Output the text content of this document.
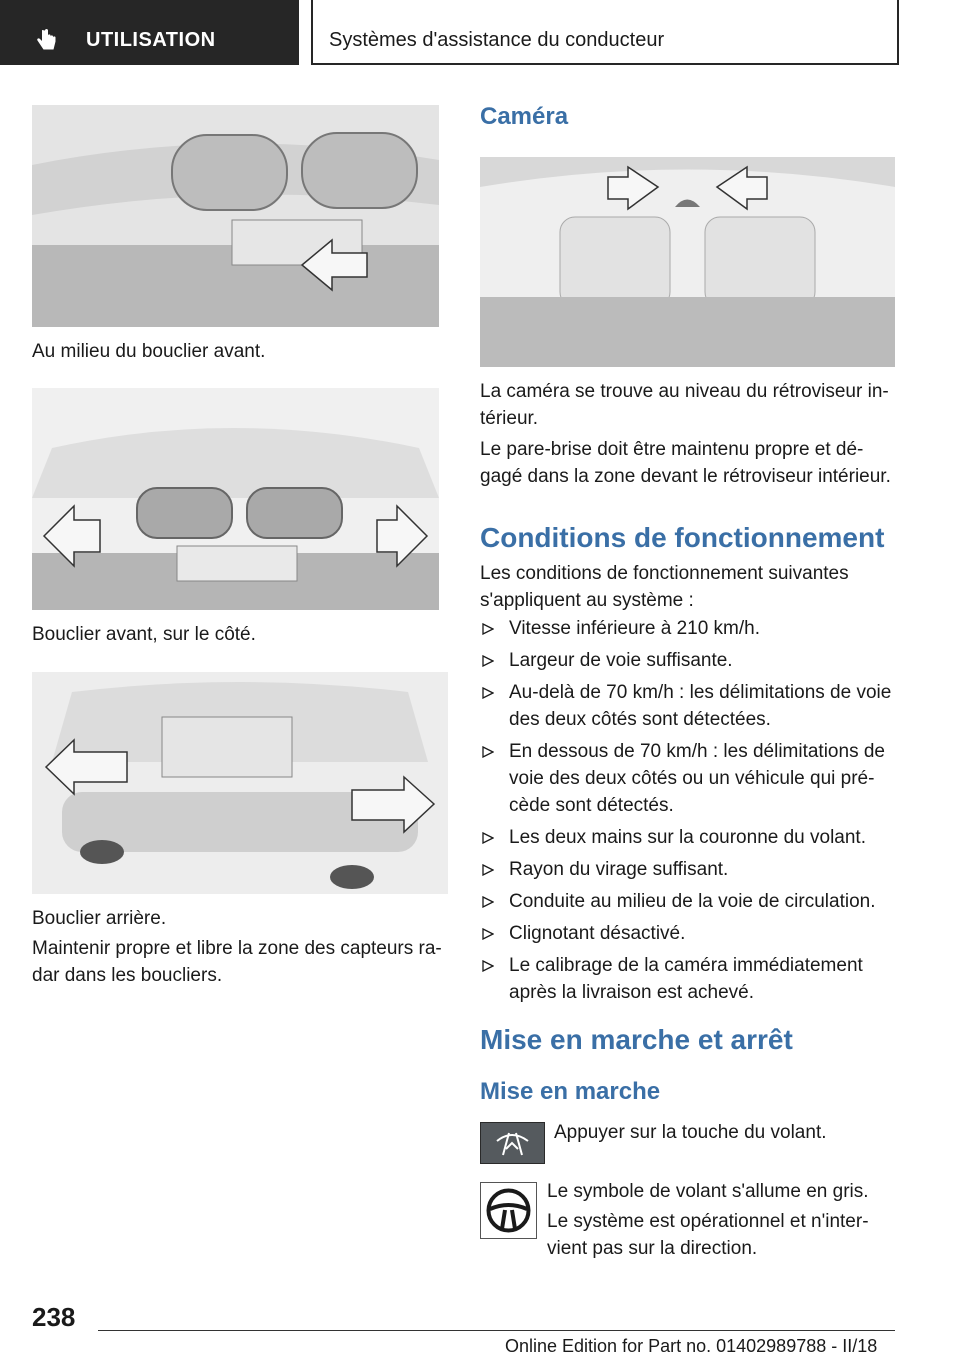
UTILISATION	Systèmes d'assistance du conducteur
Au milieu du bouclier avant.
Bouclier avant, sur le côté.
Bouclier arrière.
Maintenir propre et libre la zone des capteurs ra-dar dans les boucliers.
Caméra
La caméra se trouve au niveau du rétroviseur in-térieur.
Le pare-brise doit être maintenu propre et dé-gagé dans la zone devant le rétroviseur intérieur.
Conditions de fonctionnement
Les conditions de fonctionnement suivantes s'appliquent au système :
Vitesse inférieure à 210 km/h.
Largeur de voie suffisante.
Au-delà de 70 km/h : les délimitations de voie des deux côtés sont détectées.
En dessous de 70 km/h : les délimitations de voie des deux côtés ou un véhicule qui pré-cède sont détectés.
Les deux mains sur la couronne du volant.
Rayon du virage suffisant.
Conduite au milieu de la voie de circulation.
Clignotant désactivé.
Le calibrage de la caméra immédiatement après la livraison est achevé.
Mise en marche et arrêt
Mise en marche
Appuyer sur la touche du volant.
Le symbole de volant s'allume en gris.
Le système est opérationnel et n'inter-vient pas sur la direction.
238
Online Edition for Part no. 01402989788 - II/18
